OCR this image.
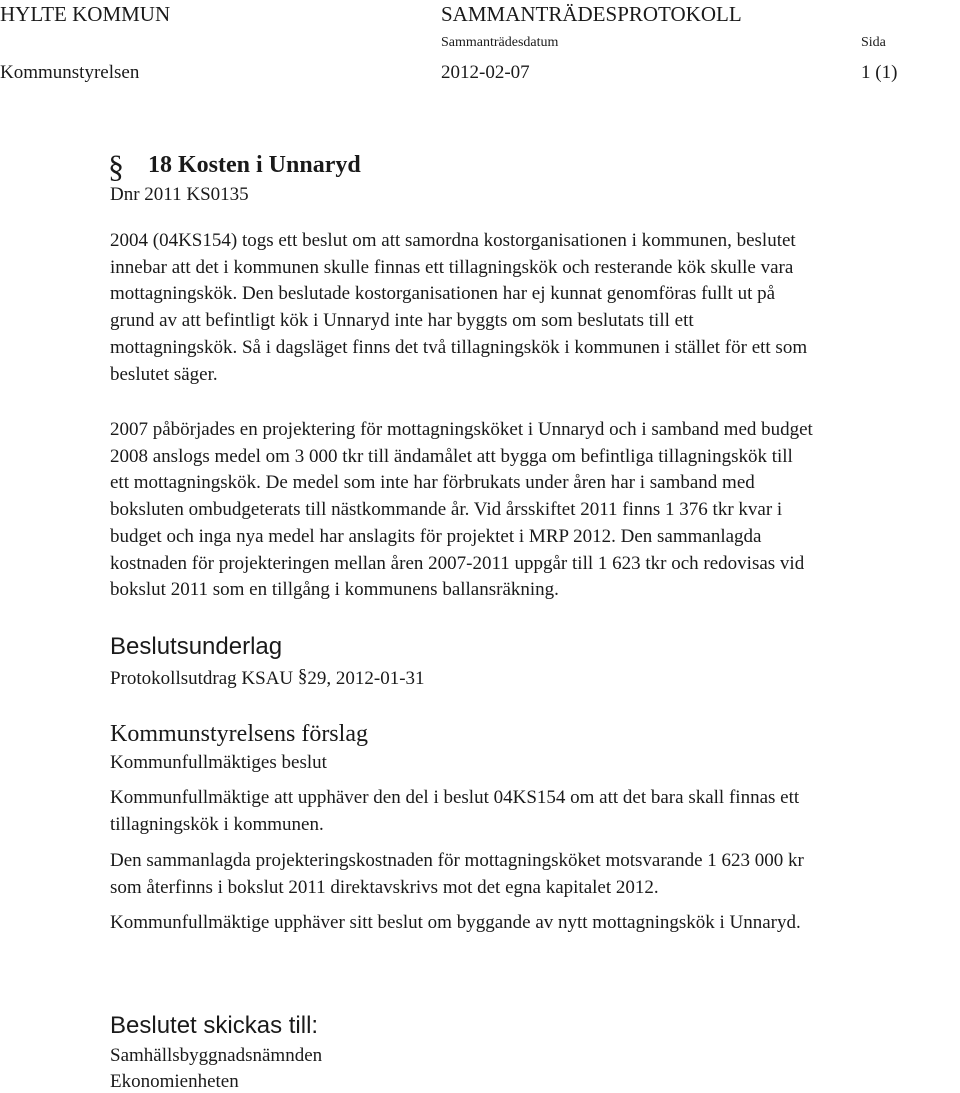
HYLTE KOMMUN	SAMMANTRÄDESPROTOKOLL
Sammanträdesdatum	Sida
Kommunstyrelsen	2012-02-07	1 (1)
§ 18 Kosten i Unnaryd
Dnr 2011 KS0135
2004 (04KS154) togs ett beslut om att samordna kostorganisationen i kommunen, beslutet
innebar att det i kommunen skulle finnas ett tillagningskök och resterande kök skulle vara
mottagningskök. Den beslutade kostorganisationen har ej kunnat genomföras fullt ut på
grund av att befintligt kök i Unnaryd inte har byggts om som beslutats till ett
mottagningskök. Så i dagsläget finns det två tillagningskök i kommunen i stället för ett som
beslutet säger.
2007 påbörjades en projektering för mottagningsköket i Unnaryd och i samband med budget
2008 anslogs medel om 3 000 tkr till ändamålet att bygga om befintliga tillagningskök till
ett mottagningskök. De medel som inte har förbrukats under åren har i samband med
boksluten ombudgeterats till nästkommande år. Vid årsskiftet 2011 finns 1 376 tkr kvar i
budget och inga nya medel har anslagits för projektet i MRP 2012. Den sammanlagda
kostnaden för projekteringen mellan åren 2007-2011 uppgår till 1 623 tkr och redovisas vid
bokslut 2011 som en tillgång i kommunens ballansräkning.
Beslutsunderlag
Protokollsutdrag KSAU §29, 2012-01-31
Kommunstyrelsens förslag
Kommunfullmäktiges beslut
Kommunfullmäktige att upphäver den del i beslut 04KS154 om att det bara skall finnas ett
tillagningskök i kommunen.
Den sammanlagda projekteringskostnaden för mottagningsköket motsvarande 1 623 000 kr
som återfinns i bokslut 2011 direktavskrivs mot det egna kapitalet 2012.
Kommunfullmäktige upphäver sitt beslut om byggande av nytt mottagningskök i Unnaryd.
Beslutet skickas till:
Samhällsbyggnadsnämnden
Ekonomienheten
